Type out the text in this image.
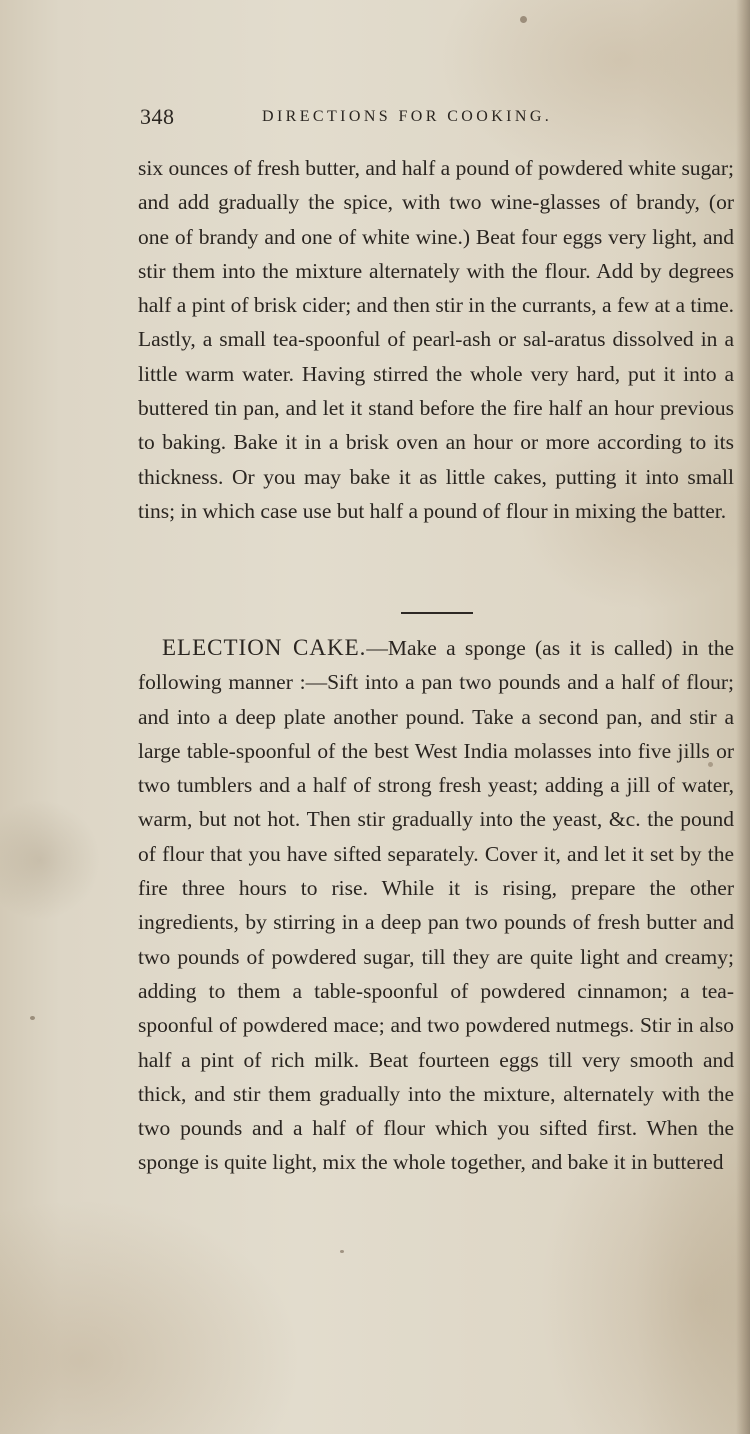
348	DIRECTIONS FOR COOKING.
six ounces of fresh butter, and half a pound of powdered white sugar; and add gradually the spice, with two wine-glasses of brandy, (or one of brandy and one of white wine.) Beat four eggs very light, and stir them into the mixture alternately with the flour. Add by degrees half a pint of brisk cider; and then stir in the currants, a few at a time. Lastly, a small tea-spoonful of pearl-ash or sal-aratus dissolved in a little warm water. Having stirred the whole very hard, put it into a buttered tin pan, and let it stand before the fire half an hour previous to baking. Bake it in a brisk oven an hour or more according to its thickness. Or you may bake it as little cakes, putting it into small tins; in which case use but half a pound of flour in mixing the batter.
ELECTION CAKE.—Make a sponge (as it is called) in the following manner :—Sift into a pan two pounds and a half of flour; and into a deep plate another pound. Take a second pan, and stir a large table-spoonful of the best West India molasses into five jills or two tumblers and a half of strong fresh yeast; adding a jill of water, warm, but not hot. Then stir gradually into the yeast, &c. the pound of flour that you have sifted separately. Cover it, and let it set by the fire three hours to rise. While it is rising, prepare the other ingredients, by stirring in a deep pan two pounds of fresh butter and two pounds of powdered sugar, till they are quite light and creamy; adding to them a table-spoonful of powdered cinnamon; a tea-spoonful of powdered mace; and two powdered nutmegs. Stir in also half a pint of rich milk. Beat fourteen eggs till very smooth and thick, and stir them gradually into the mixture, alternately with the two pounds and a half of flour which you sifted first. When the sponge is quite light, mix the whole together, and bake it in buttered
